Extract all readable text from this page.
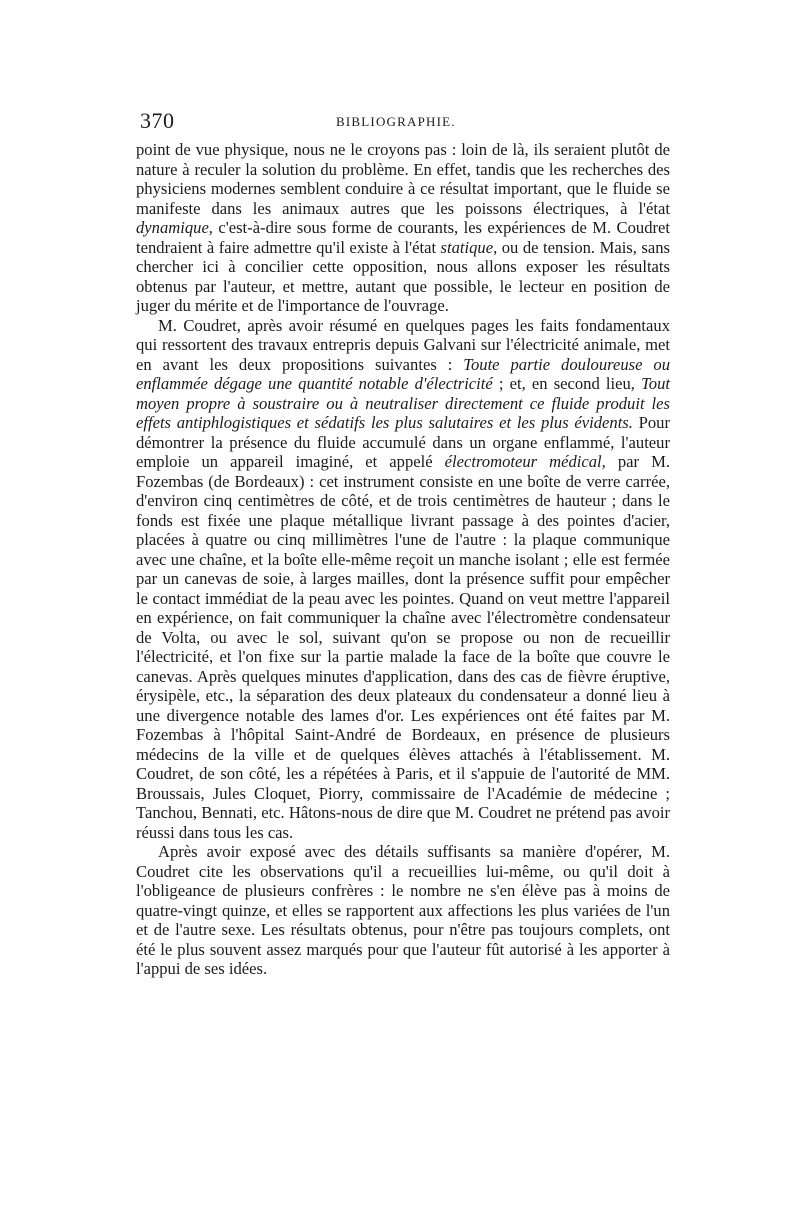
370	BIBLIOGRAPHIE.

point de vue physique, nous ne le croyons pas : loin de là, ils seraient plutôt de nature à reculer la solution du problème. En effet, tandis que les recherches des physiciens modernes semblent conduire à ce résultat important, que le fluide se manifeste dans les animaux autres que les poissons électriques, à l'état dynamique, c'est-à-dire sous forme de courants, les expériences de M. Coudret tendraient à faire admettre qu'il existe à l'état statique, ou de tension. Mais, sans chercher ici à concilier cette opposition, nous allons exposer les résultats obtenus par l'auteur, et mettre, autant que possible, le lecteur en position de juger du mérite et de l'importance de l'ouvrage.

M. Coudret, après avoir résumé en quelques pages les faits fondamentaux qui ressortent des travaux entrepris depuis Galvani sur l'électricité animale, met en avant les deux propositions suivantes : Toute partie douloureuse ou enflammée dégage une quantité notable d'électricité ; et, en second lieu, Tout moyen propre à soustraire ou à neutraliser directement ce fluide produit les effets antiphlogistiques et sédatifs les plus salutaires et les plus évidents. Pour démontrer la présence du fluide accumulé dans un organe enflammé, l'auteur emploie un appareil imaginé, et appelé électromoteur médical, par M. Fozembas (de Bordeaux) : cet instrument consiste en une boîte de verre carrée, d'environ cinq centimètres de côté, et de trois centimètres de hauteur ; dans le fonds est fixée une plaque métallique livrant passage à des pointes d'acier, placées à quatre ou cinq millimètres l'une de l'autre : la plaque communique avec une chaîne, et la boîte elle-même reçoit un manche isolant ; elle est fermée par un canevas de soie, à larges mailles, dont la présence suffit pour empêcher le contact immédiat de la peau avec les pointes. Quand on veut mettre l'appareil en expérience, on fait communiquer la chaîne avec l'électromètre condensateur de Volta, ou avec le sol, suivant qu'on se propose ou non de recueillir l'électricité, et l'on fixe sur la partie malade la face de la boîte que couvre le canevas. Après quelques minutes d'application, dans des cas de fièvre éruptive, érysipèle, etc., la séparation des deux plateaux du condensateur a donné lieu à une divergence notable des lames d'or. Les expériences ont été faites par M. Fozembas à l'hôpital Saint-André de Bordeaux, en présence de plusieurs médecins de la ville et de quelques élèves attachés à l'établissement. M. Coudret, de son côté, les a répétées à Paris, et il s'appuie de l'autorité de MM. Broussais, Jules Cloquet, Piorry, commissaire de l'Académie de médecine ; Tanchou, Bennati, etc. Hâtons-nous de dire que M. Coudret ne prétend pas avoir réussi dans tous les cas.

Après avoir exposé avec des détails suffisants sa manière d'opérer, M. Coudret cite les observations qu'il a recueillies lui-même, ou qu'il doit à l'obligeance de plusieurs confrères : le nombre ne s'en élève pas à moins de quatre-vingt quinze, et elles se rapportent aux affections les plus variées de l'un et de l'autre sexe. Les résultats obtenus, pour n'être pas toujours complets, ont été le plus souvent assez marqués pour que l'auteur fût autorisé à les apporter à l'appui de ses idées.
